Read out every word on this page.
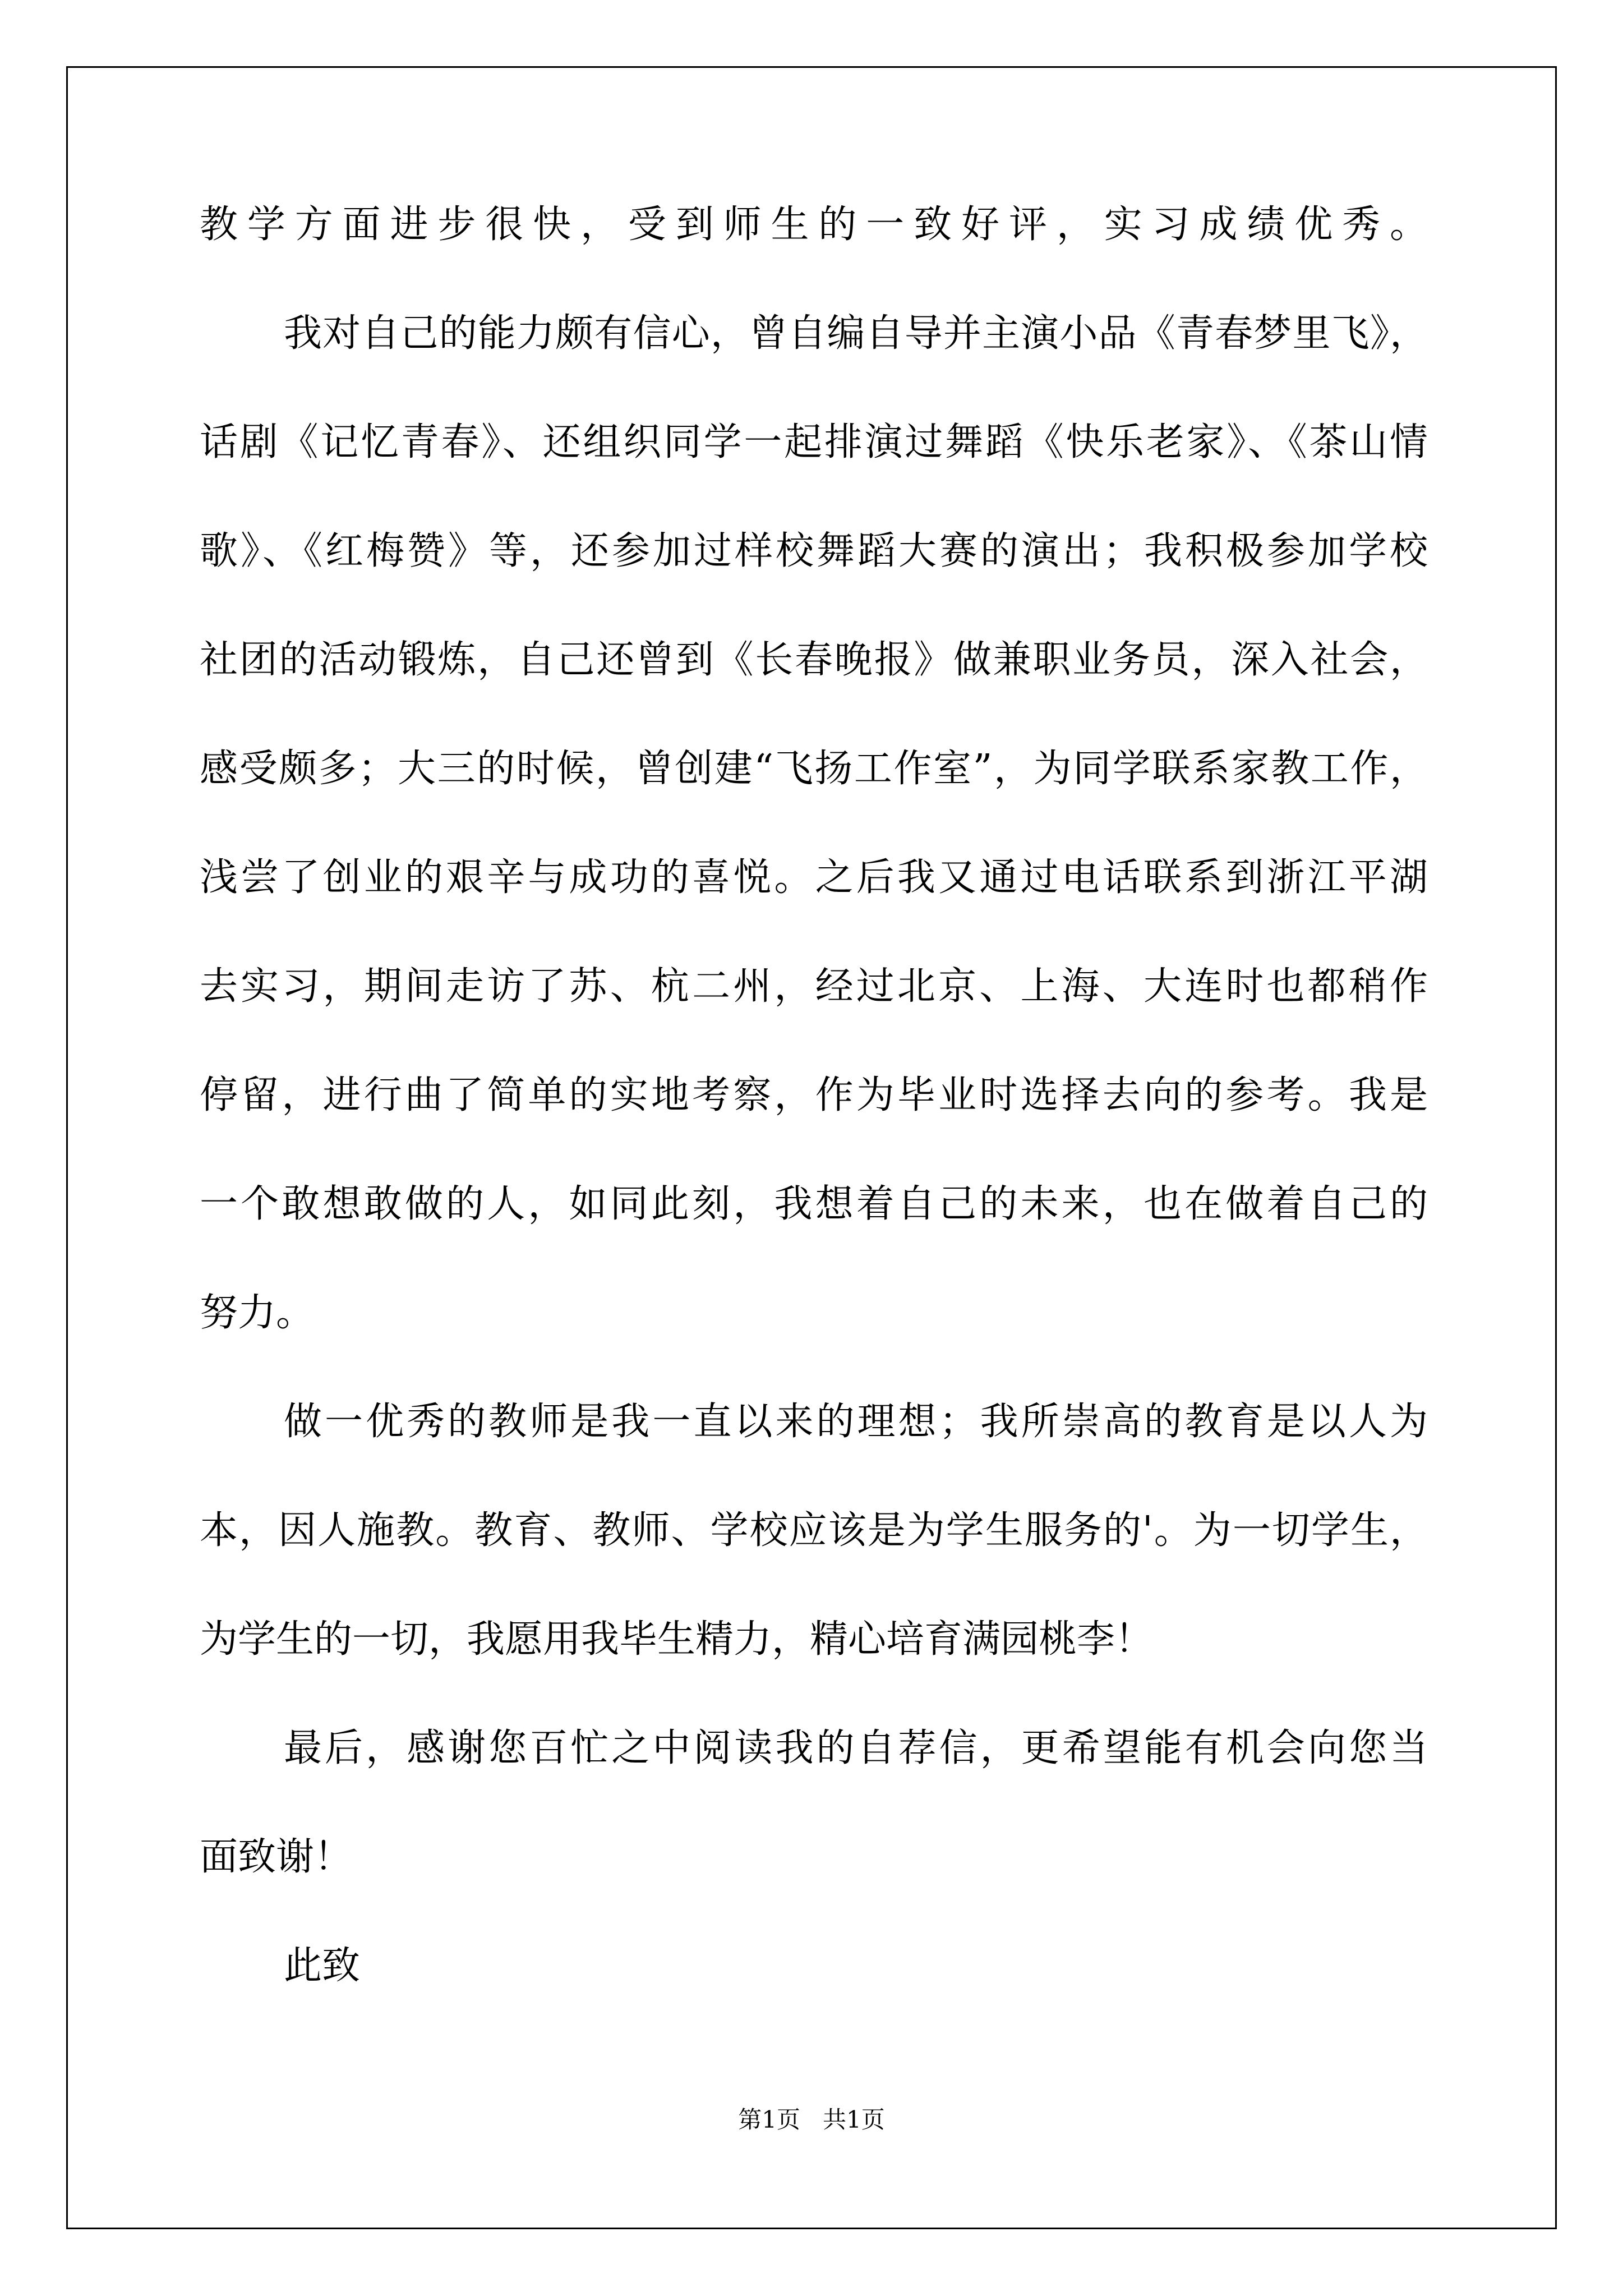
教学方面进步很快，受到师生的一致好评，实习成绩优秀。
我对自己的能力颇有信心，曾自编自导并主演小品《青春梦里飞》，
话剧《记忆青春》、还组织同学一起排演过舞蹈《快乐老家》、《茶山情
歌》、《红梅赞》等，还参加过样校舞蹈大赛的演出；我积极参加学校
社团的活动锻炼，自己还曾到《长春晚报》做兼职业务员，深入社会，
感受颇多；大三的时候，曾创建“飞扬工作室”，为同学联系家教工作，
浅尝了创业的艰辛与成功的喜悦。之后我又通过电话联系到浙江平湖
去实习，期间走访了苏、杭二州，经过北京、上海、大连时也都稍作
停留，进行曲了简单的实地考察，作为毕业时选择去向的参考。我是
一个敢想敢做的人，如同此刻，我想着自己的未来，也在做着自己的
努力。
做一优秀的教师是我一直以来的理想；我所崇高的教育是以人为
本，因人施教。教育、教师、学校应该是为学生服务的'。为一切学生，
为学生的一切，我愿用我毕生精力，精心培育满园桃李！
最后，感谢您百忙之中阅读我的自荐信，更希望能有机会向您当
面致谢！
此致
第1页   共1页
